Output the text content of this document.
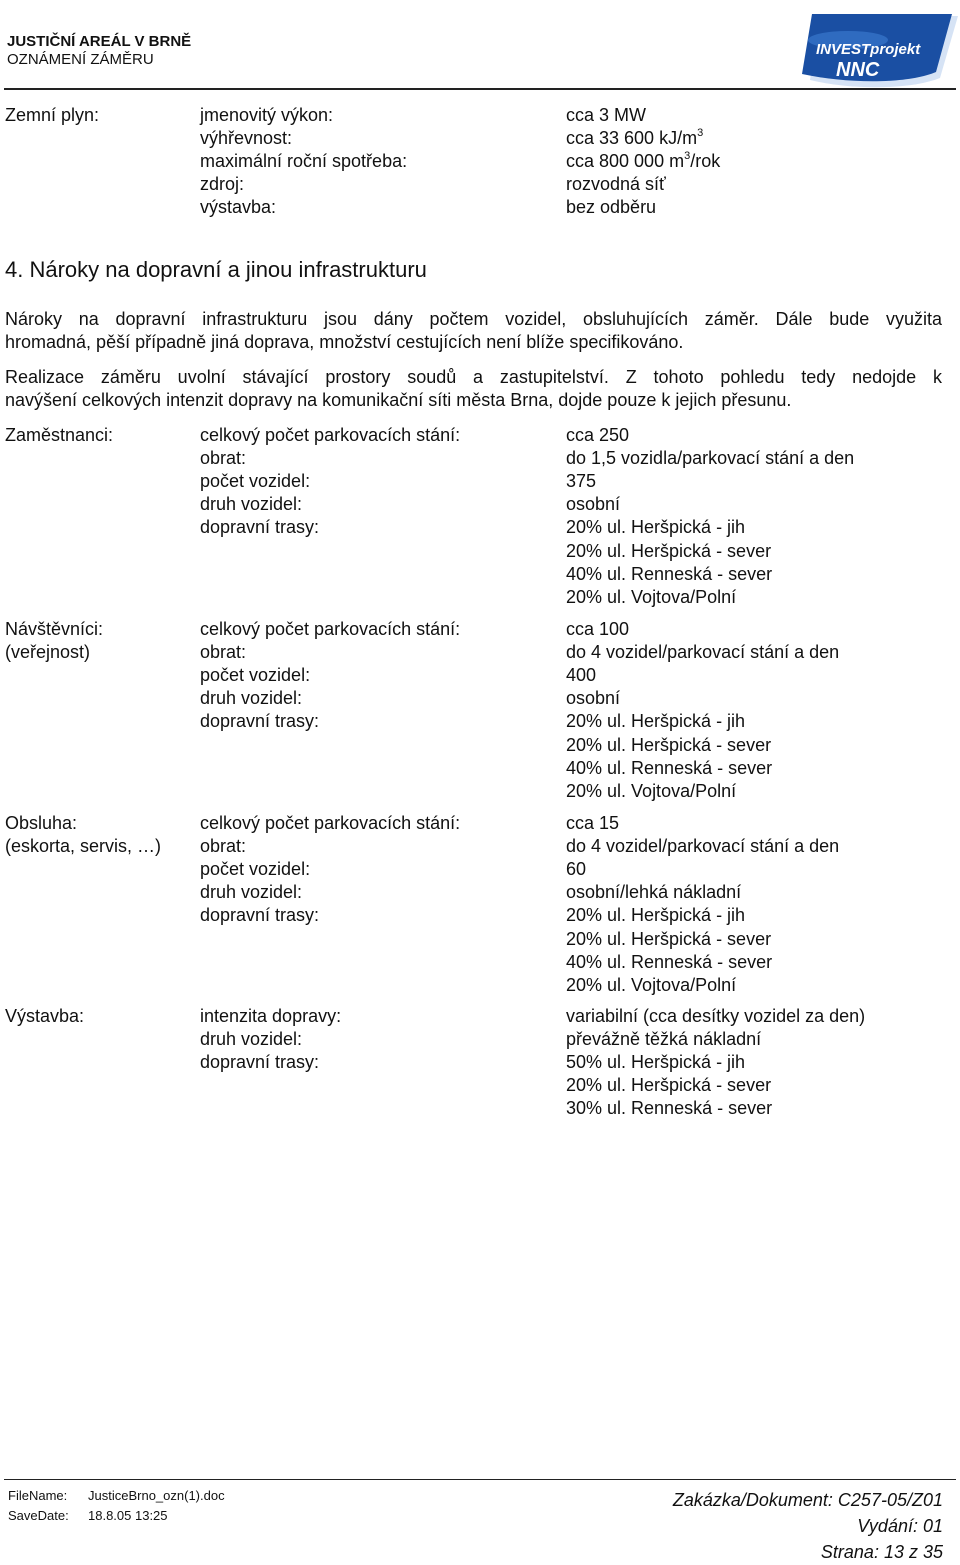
JUSTIČNÍ AREÁL V BRNĚ
OZNÁMENÍ ZÁMĚRU
INVESTprojekt
NNC
Zemní plyn:	jmenovitý výkon:	cca 3 MW
výhřevnost:	cca 33 600 $kJ/m^3$
maximální roční spotřeba:	cca 800 000 $m^3$/rok
zdroj:	rozvodná síť
výstavba:	bez odběru
4. Nároky na dopravní a jinou infrastrukturu
Nároky na dopravní infrastrukturu jsou dány počtem vozidel, obsluhujících záměr. Dále bude využita
hromadná, pěší případně jiná doprava, množství cestujících není blíže specifikováno.
Realizace záměru uvolní stávající prostory soudů a zastupitelství. Z tohoto pohledu tedy nedojde k
navýšení celkových intenzit dopravy na komunikační síti města Brna, dojde pouze k jejich přesunu.
Zaměstnanci:	celkový počet parkovacích stání:	cca 250
obrat:	do 1,5 vozidla/parkovací stání a den
počet vozidel:	375
druh vozidel:	osobní
dopravní trasy:	20% ul. Heršpická - jih
20% ul. Heršpická - sever
40% ul. Renneská - sever
20% ul. Vojtova/Polní
Návštěvníci:	celkový počet parkovacích stání:	cca 100
(veřejnost)	obrat:	do 4 vozidel/parkovací stání a den
počet vozidel:	400
druh vozidel:	osobní
dopravní trasy:	20% ul. Heršpická - jih
20% ul. Heršpická - sever
40% ul. Renneská - sever
20% ul. Vojtova/Polní
Obsluha:	celkový počet parkovacích stání:	cca 15
(eskorta, servis, …) obrat:	do 4 vozidel/parkovací stání a den
počet vozidel:	60
druh vozidel:	osobní/lehká nákladní
dopravní trasy:	20% ul. Heršpická - jih
20% ul. Heršpická - sever
40% ul. Renneská - sever
20% ul. Vojtova/Polní
Výstavba:	intenzita dopravy:	variabilní (cca desítky vozidel za den)
druh vozidel:	převážně těžká nákladní
dopravní trasy:	50% ul. Heršpická - jih
20% ul. Heršpická - sever
30% ul. Renneská - sever
FileName: JusticeBrno_ozn(1).doc
SaveDate: 18.8.05 13:25
Zakázka/Dokument: C257-05/Z01
Vydání: 01
Strana: 13 z 35
